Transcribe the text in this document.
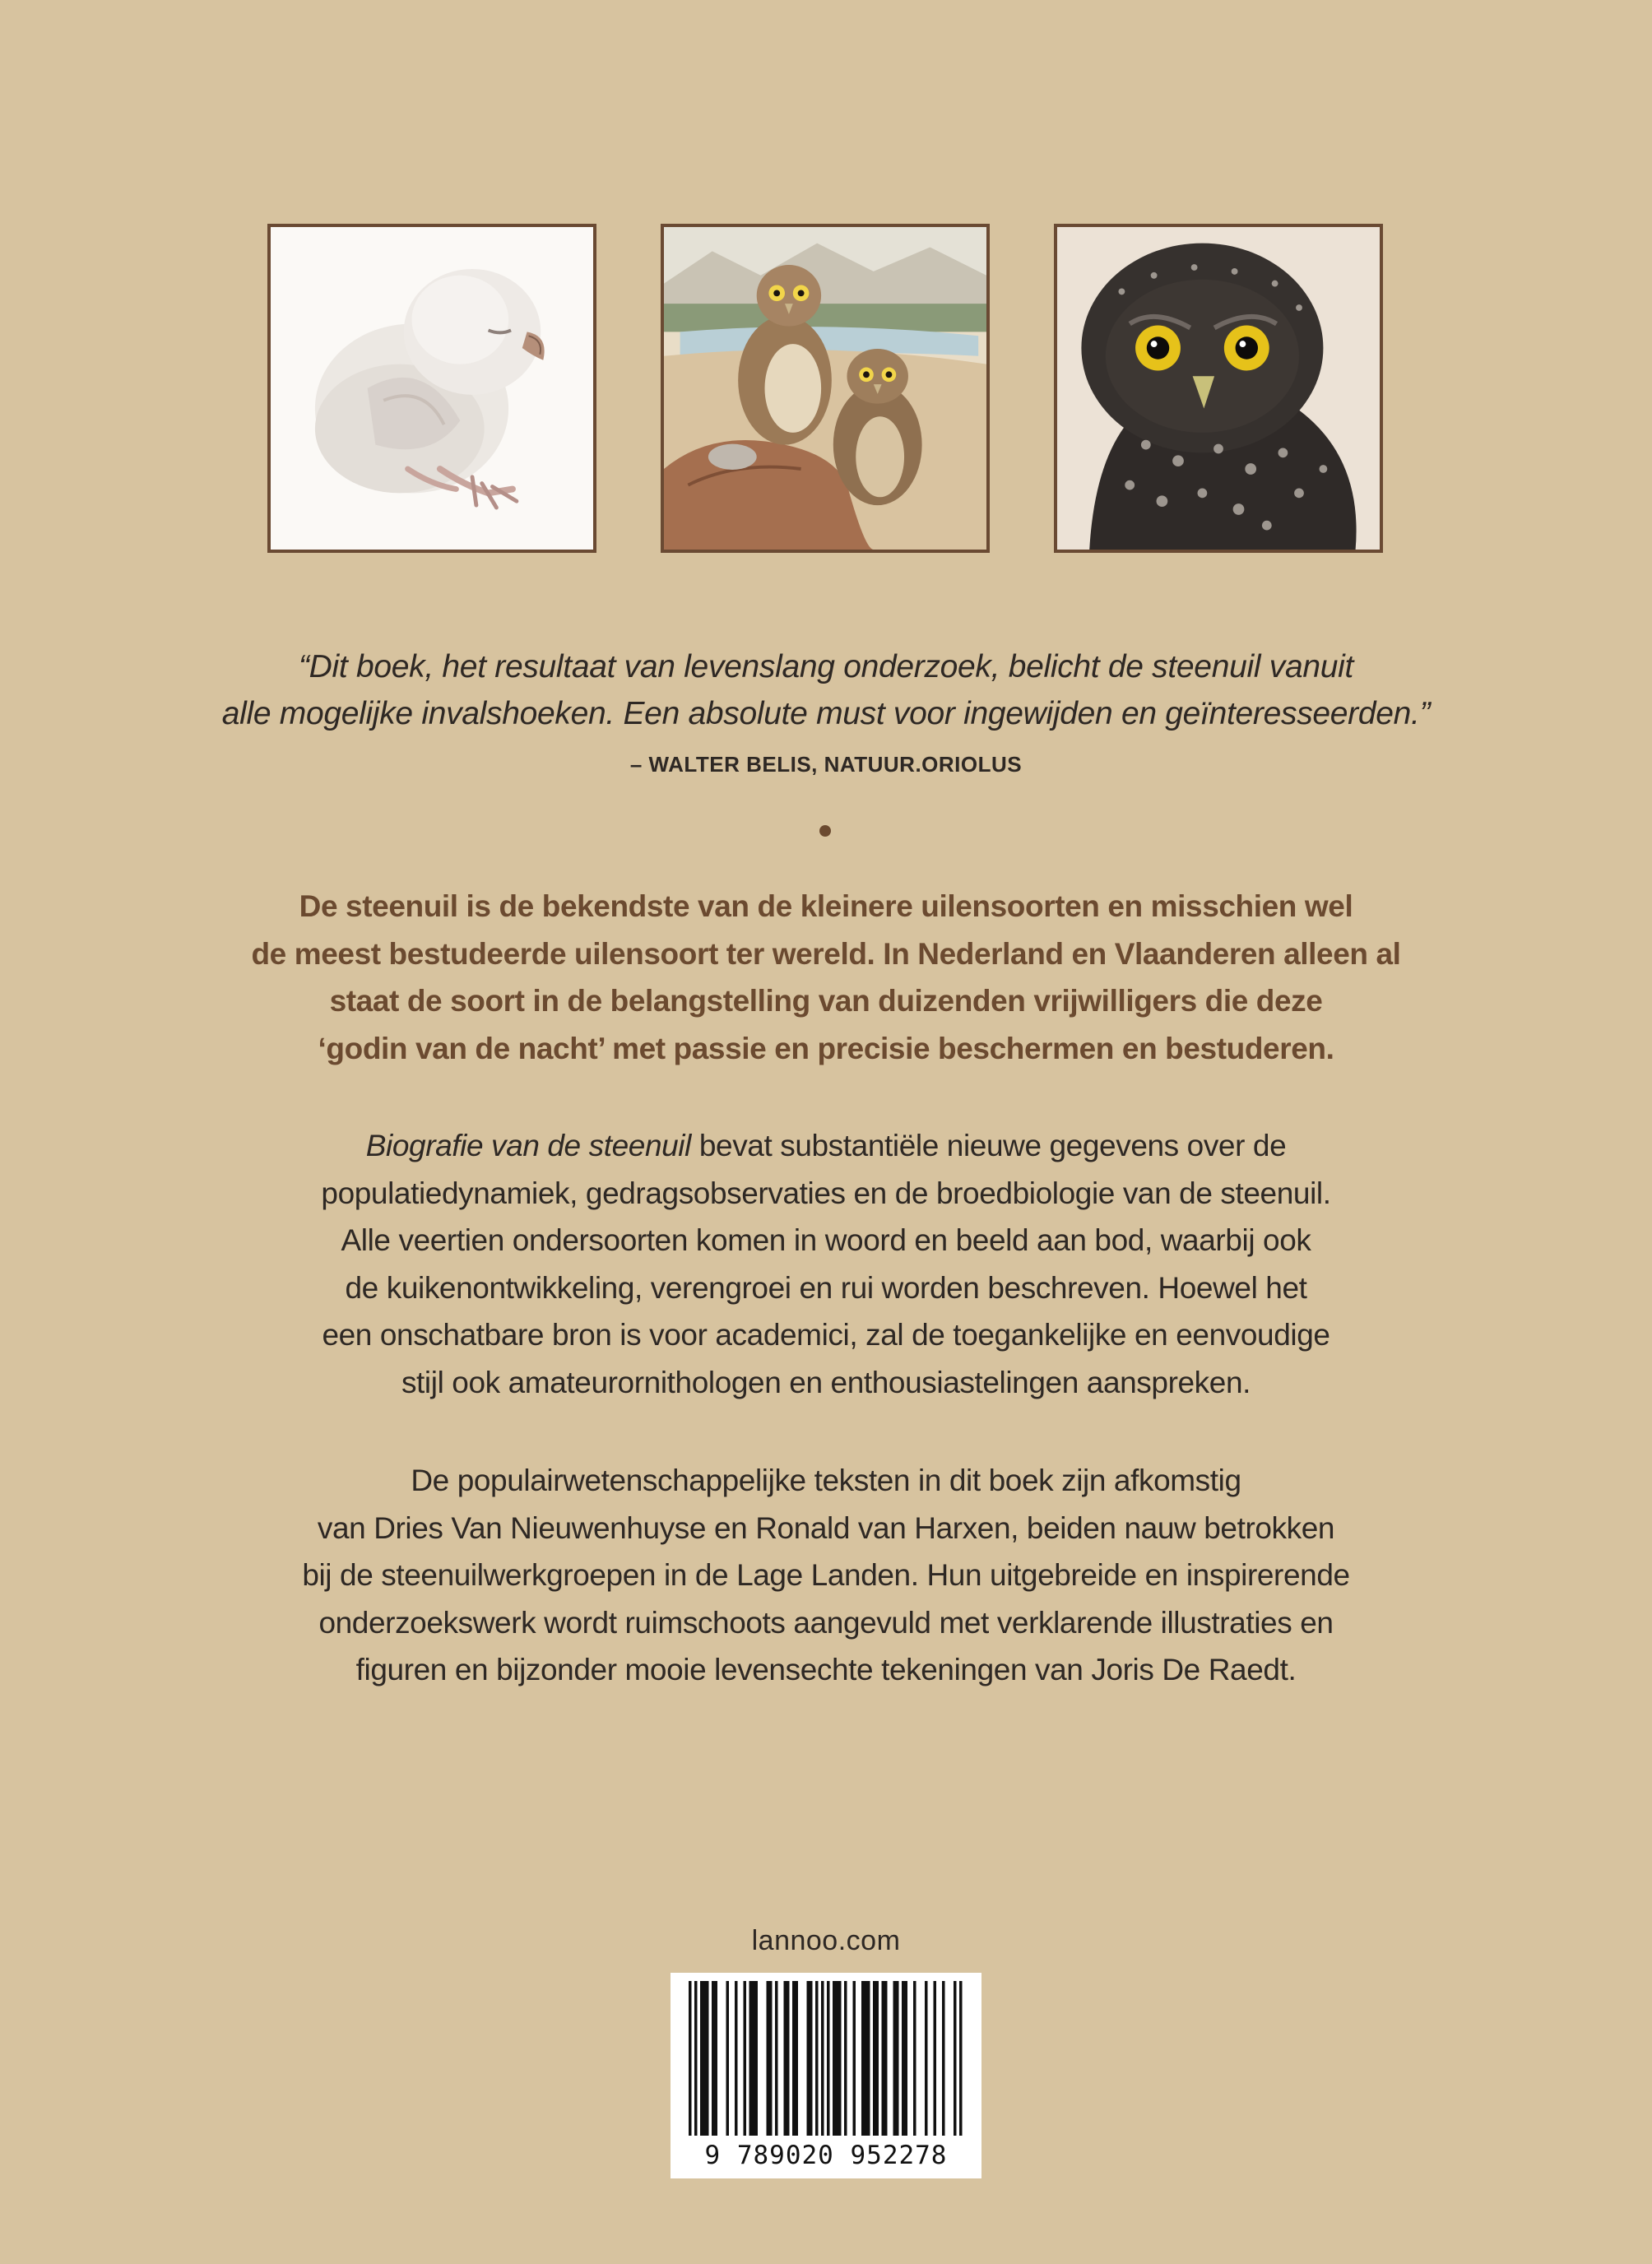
“Dit boek, het resultaat van levenslang onderzoek, belicht de steenuil vanuit
alle mogelijke invalshoeken. Een absolute must voor ingewijden en geïnteresseerden.”
– WALTER BELIS, NATUUR.ORIOLUS
De steenuil is de bekendste van de kleinere uilensoorten en misschien wel
de meest bestudeerde uilensoort ter wereld. In Nederland en Vlaanderen alleen al
staat de soort in de belangstelling van duizenden vrijwilligers die deze
‘godin van de nacht’ met passie en precisie beschermen en bestuderen.
Biografie van de steenuil bevat substantiële nieuwe gegevens over de
populatiedynamiek, gedragsobservaties en de broedbiologie van de steenuil.
Alle veertien ondersoorten komen in woord en beeld aan bod, waarbij ook
de kuikenontwikkeling, verengroei en rui worden beschreven. Hoewel het
een onschatbare bron is voor academici, zal de toegankelijke en eenvoudige
stijl ook amateurornithologen en enthousiastelingen aanspreken.
De populairwetenschappelijke teksten in dit boek zijn afkomstig
van Dries Van Nieuwenhuyse en Ronald van Harxen, beiden nauw betrokken
bij de steenuilwerkgroepen in de Lage Landen. Hun uitgebreide en inspirerende
onderzoekswerk wordt ruimschoots aangevuld met verklarende illustraties en
figuren en bijzonder mooie levensechte tekeningen van Joris De Raedt.
lannoo.com
9 789020 952278
